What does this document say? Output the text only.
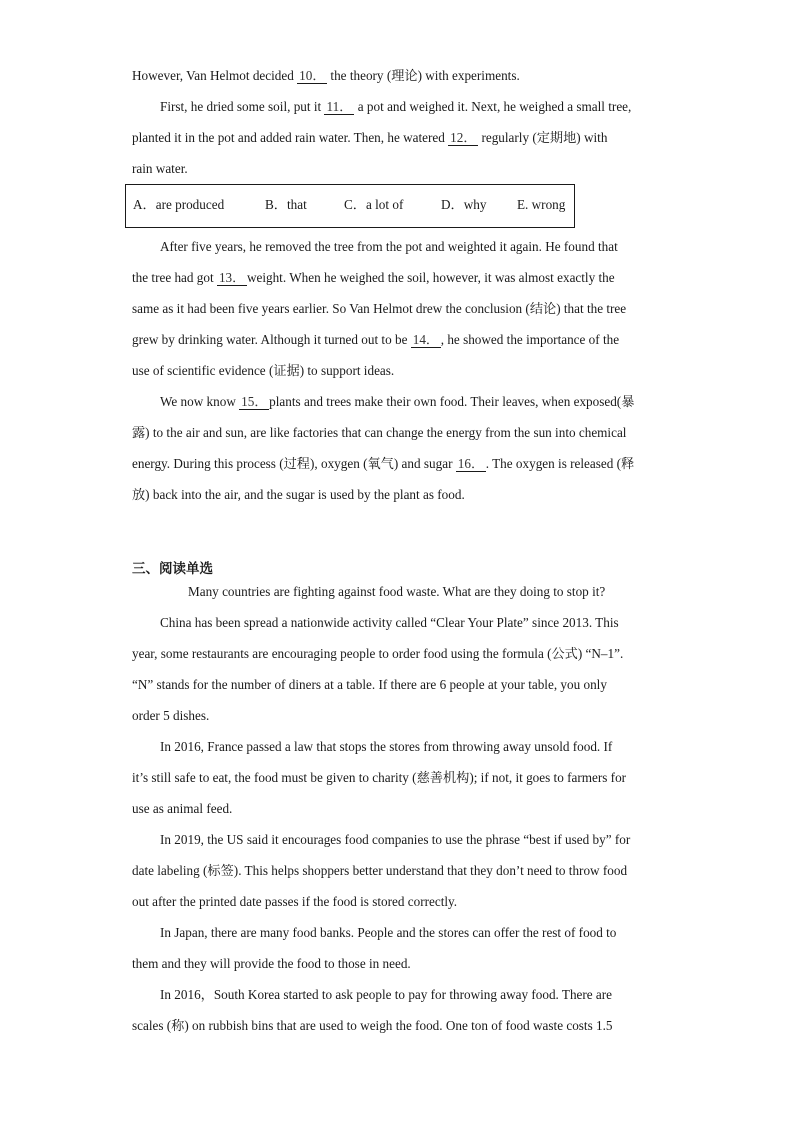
However, Van Helmot decided 10． the theory (理论) with experiments.
First, he dried some soil, put it 11． a pot and weighed it. Next, he weighed a small tree,
planted it in the pot and added rain water. Then, he watered 12． regularly (定期地) with
rain water.
A．are produced	B．that	C．a lot of	D．why E. wrong
After five years, he removed the tree from the pot and weighted it again. He found that
the tree had got 13． weight. When he weighed the soil, however, it was almost exactly the
same as it had been five years earlier. So Van Helmot drew the conclusion (结论) that the tree
grew by drinking water. Although it turned out to be 14． , he showed the importance of the
use of scientific evidence (证据) to support ideas.
We now know 15． plants and trees make their own food. Their leaves, when exposed(暴
露) to the air and sun, are like factories that can change the energy from the sun into chemical
energy. During this process (过程), oxygen (氧气) and sugar 16． . The oxygen is released (释
放) back into the air, and the sugar is used by the plant as food.
三、阅读单选
Many countries are fighting against food waste. What are they doing to stop it?
China has been spread a nationwide activity called “Clear Your Plate” since 2013. This
year, some restaurants are encouraging people to order food using the formula (公式) “N–1”.
“N” stands for the number of diners at a table. If there are 6 people at your table, you only
order 5 dishes.
In 2016, France passed a law that stops the stores from throwing away unsold food. If
it’s still safe to eat, the food must be given to charity (慈善机构); if not, it goes to farmers for
use as animal feed.
In 2019, the US said it encourages food companies to use the phrase “best if used by” for
date labeling (标签). This helps shoppers better understand that they don’t need to throw food
out after the printed date passes if the food is stored correctly.
In Japan, there are many food banks. People and the stores can offer the rest of food to
them and they will provide the food to those in need.
In 2016，South Korea started to ask people to pay for throwing away food. There are
scales (称) on rubbish bins that are used to weigh the food. One ton of food waste costs 1.5
